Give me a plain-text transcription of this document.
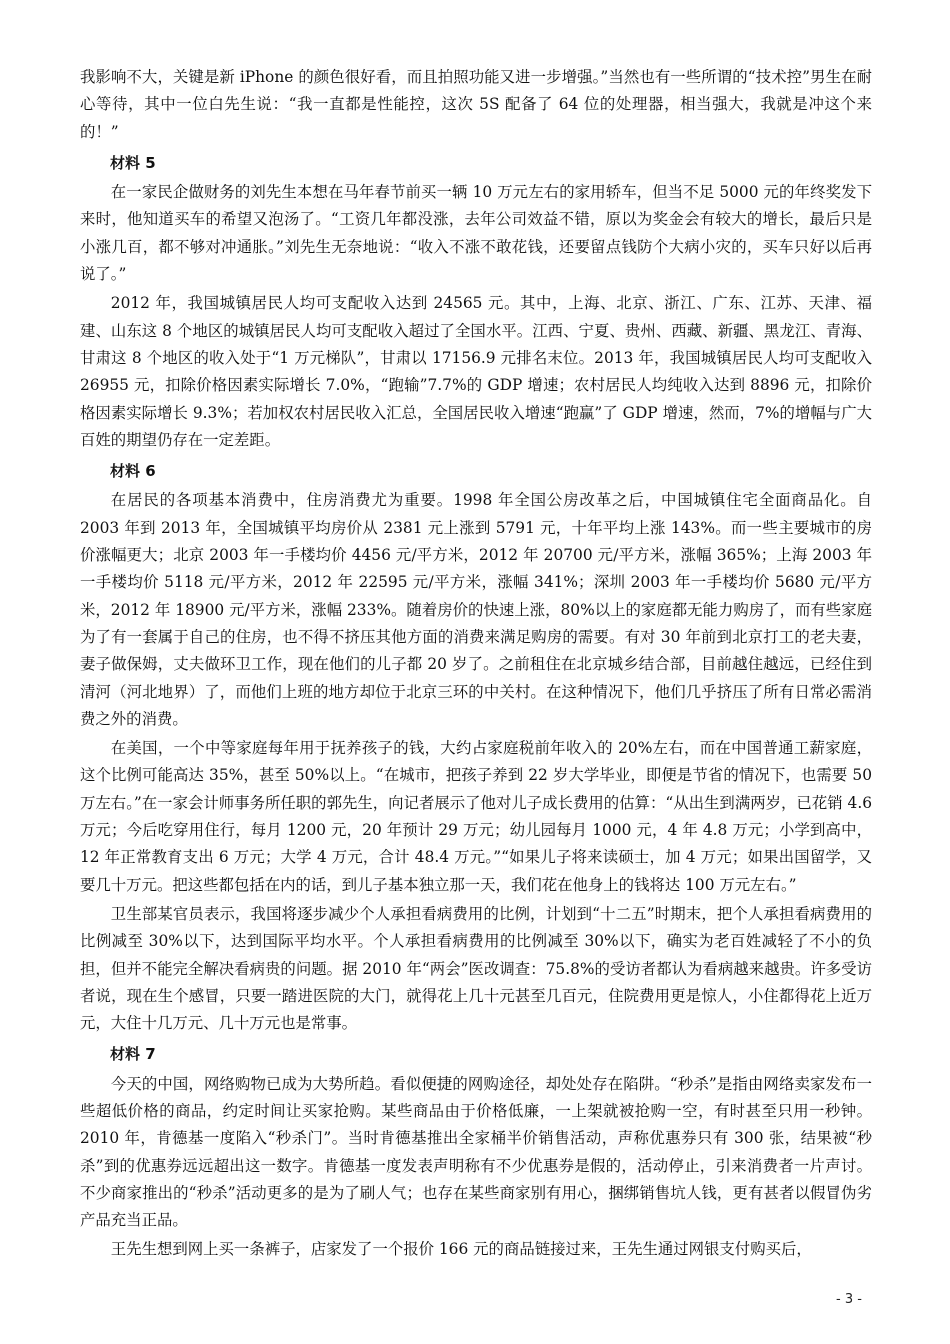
我影响不大，关键是新 iPhone 的颜色很好看，而且拍照功能又进一步增强。”当然也有一些所谓的“技术控”男生在耐心等待，其中一位白先生说：“我一直都是性能控，这次 5S 配备了 64 位的处理器，相当强大，我就是冲这个来的！”

材料 5

在一家民企做财务的刘先生本想在马年春节前买一辆 10 万元左右的家用轿车，但当不足 5000 元的年终奖发下来时，他知道买车的希望又泡汤了。“工资几年都没涨，去年公司效益不错，原以为奖金会有较大的增长，最后只是小涨几百，都不够对冲通胀。”刘先生无奈地说：“收入不涨不敢花钱，还要留点钱防个大病小灾的，买车只好以后再说了。”

2012 年，我国城镇居民人均可支配收入达到 24565 元。其中，上海、北京、浙江、广东、江苏、天津、福建、山东这 8 个地区的城镇居民人均可支配收入超过了全国水平。江西、宁夏、贵州、西藏、新疆、黑龙江、青海、甘肃这 8 个地区的收入处于“1 万元梯队”，甘肃以 17156.9 元排名末位。2013 年，我国城镇居民人均可支配收入 26955 元，扣除价格因素实际增长 7.0%，“跑输”7.7%的 GDP 增速；农村居民人均纯收入达到 8896 元，扣除价格因素实际增长 9.3%；若加权农村居民收入汇总，全国居民收入增速“跑赢”了 GDP 增速，然而，7%的增幅与广大百姓的期望仍存在一定差距。

材料 6

在居民的各项基本消费中，住房消费尤为重要。1998 年全国公房改革之后，中国城镇住宅全面商品化。自 2003 年到 2013 年，全国城镇平均房价从 2381 元上涨到 5791 元，十年平均上涨 143%。而一些主要城市的房价涨幅更大；北京 2003 年一手楼均价 4456 元/平方米，2012 年 20700 元/平方米，涨幅 365%；上海 2003 年一手楼均价 5118 元/平方米，2012 年 22595 元/平方米，涨幅 341%；深圳 2003 年一手楼均价 5680 元/平方米，2012 年 18900 元/平方米，涨幅 233%。随着房价的快速上涨，80%以上的家庭都无能力购房了，而有些家庭为了有一套属于自己的住房，也不得不挤压其他方面的消费来满足购房的需要。有对 30 年前到北京打工的老夫妻，妻子做保姆，丈夫做环卫工作，现在他们的儿子都 20 岁了。之前租住在北京城乡结合部，目前越住越远，已经住到清河（河北地界）了，而他们上班的地方却位于北京三环的中关村。在这种情况下，他们几乎挤压了所有日常必需消费之外的消费。

在美国，一个中等家庭每年用于抚养孩子的钱，大约占家庭税前年收入的 20%左右，而在中国普通工薪家庭，这个比例可能高达 35%，甚至 50%以上。“在城市，把孩子养到 22 岁大学毕业，即便是节省的情况下，也需要 50 万左右。”在一家会计师事务所任职的郭先生，向记者展示了他对儿子成长费用的估算：“从出生到满两岁，已花销 4.6 万元；今后吃穿用住行，每月 1200 元，20 年预计 29 万元；幼儿园每月 1000 元，4 年 4.8 万元；小学到高中，12 年正常教育支出 6 万元；大学 4 万元，合计 48.4 万元。”“如果儿子将来读硕士，加 4 万元；如果出国留学，又要几十万元。把这些都包括在内的话，到儿子基本独立那一天，我们花在他身上的钱将达 100 万元左右。”

卫生部某官员表示，我国将逐步减少个人承担看病费用的比例，计划到“十二五”时期末，把个人承担看病费用的比例减至 30%以下，达到国际平均水平。个人承担看病费用的比例减至 30%以下，确实为老百姓减轻了不小的负担，但并不能完全解决看病贵的问题。据 2010 年“两会”医改调查：75.8%的受访者都认为看病越来越贵。许多受访者说，现在生个感冒，只要一踏进医院的大门，就得花上几十元甚至几百元，住院费用更是惊人，小住都得花上近万元，大住十几万元、几十万元也是常事。

材料 7

今天的中国，网络购物已成为大势所趋。看似便捷的网购途径，却处处存在陷阱。“秒杀”是指由网络卖家发布一些超低价格的商品，约定时间让买家抢购。某些商品由于价格低廉，一上架就被抢购一空，有时甚至只用一秒钟。2010 年，肯德基一度陷入“秒杀门”。当时肯德基推出全家桶半价销售活动，声称优惠券只有 300 张，结果被“秒杀”到的优惠券远远超出这一数字。肯德基一度发表声明称有不少优惠券是假的，活动停止，引来消费者一片声讨。不少商家推出的“秒杀”活动更多的是为了刷人气；也存在某些商家别有用心，捆绑销售坑人钱，更有甚者以假冒伪劣产品充当正品。

王先生想到网上买一条裤子，店家发了一个报价 166 元的商品链接过来，王先生通过网银支付购买后，

- 3 -
